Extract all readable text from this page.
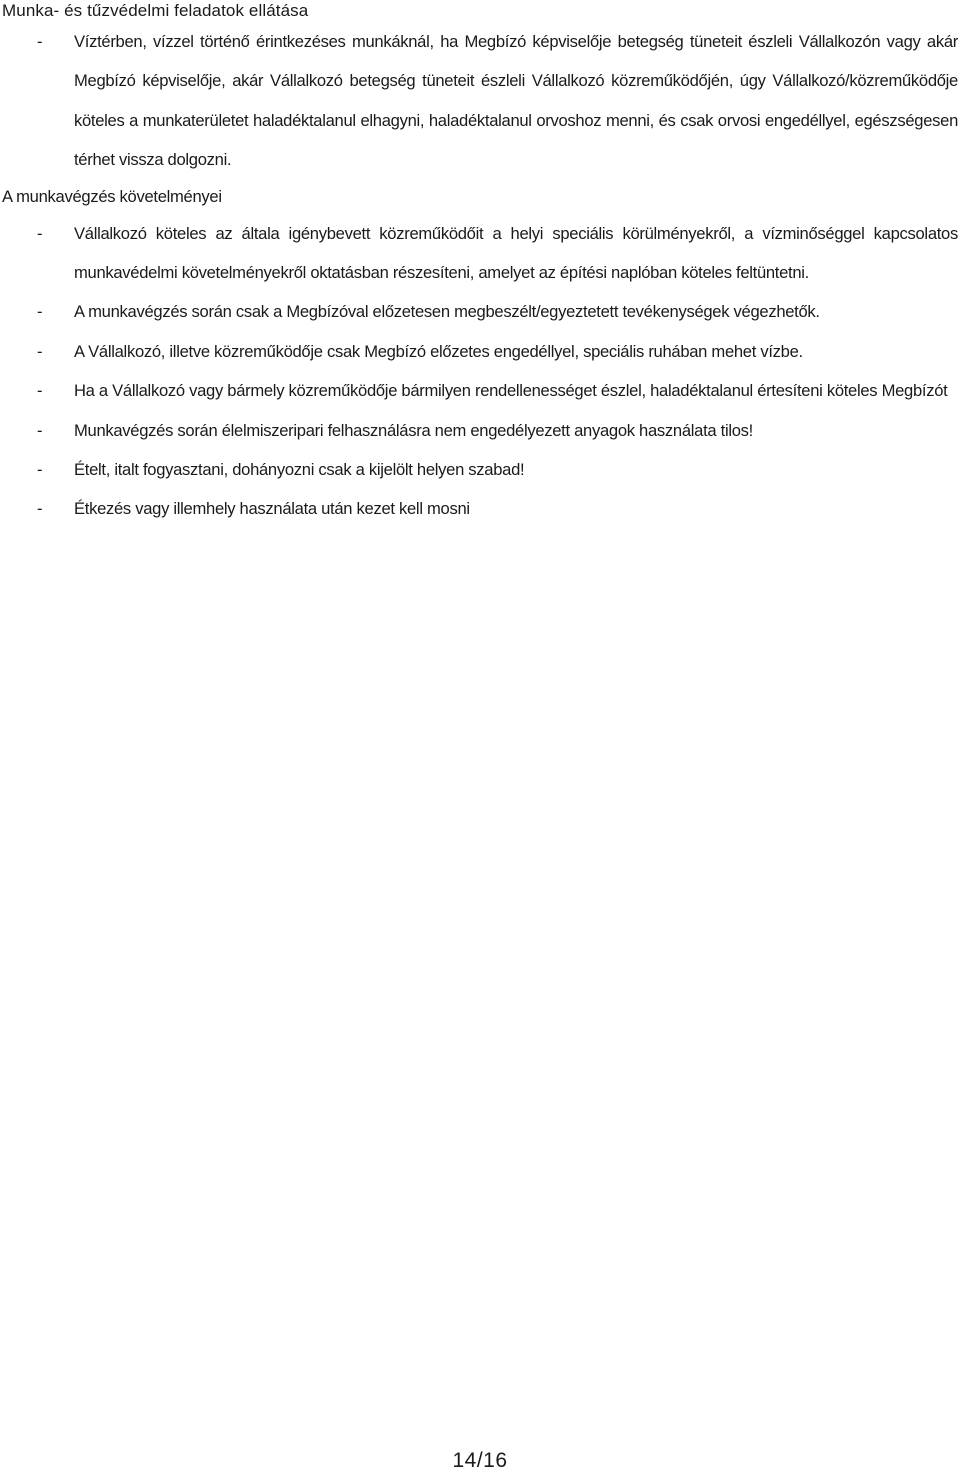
Munka- és tűzvédelmi feladatok ellátása
- Víztérben, vízzel történő érintkezéses munkáknál, ha Megbízó képviselője betegség tüneteit észleli Vállalkozón vagy akár Megbízó képviselője, akár Vállalkozó betegség tüneteit észleli Vállalkozó közreműködőjén, úgy Vállalkozó/közreműködője köteles a munkaterületet haladéktalanul elhagyni, haladéktalanul orvoshoz menni, és csak orvosi engedéllyel, egészségesen térhet vissza dolgozni.
A munkavégzés követelményei
- Vállalkozó köteles az általa igénybevett közreműködőit a helyi speciális körülményekről, a vízminőséggel kapcsolatos munkavédelmi követelményekről oktatásban részesíteni, amelyet az építési naplóban köteles feltüntetni.
- A munkavégzés során csak a Megbízóval előzetesen megbeszélt/egyeztetett tevékenységek végezhetők.
- A Vállalkozó, illetve közreműködője csak Megbízó előzetes engedéllyel, speciális ruhában mehet vízbe.
- Ha a Vállalkozó vagy bármely közreműködője bármilyen rendellenességet észlel, haladéktalanul értesíteni köteles Megbízót
- Munkavégzés során élelmiszeripari felhasználásra nem engedélyezett anyagok használata tilos!
- Ételt, italt fogyasztani, dohányozni csak a kijelölt helyen szabad!
- Étkezés vagy illemhely használata után kezet kell mosni
14/16
